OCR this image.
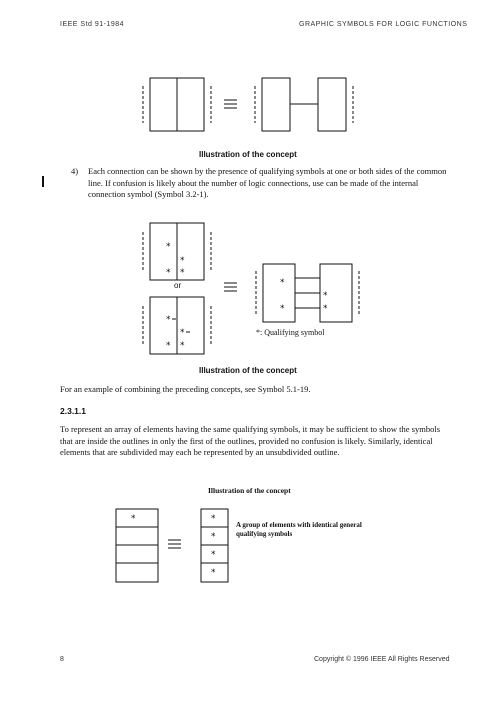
IEEE Std 91-1984	GRAPHIC SYMBOLS FOR LOGIC FUNCTIONS
*
*
* *
*
*
* *
*
*
*
*
*	*
*
*
*
Illustration of the concept
4) Each connection can be shown by the presence of qualifying symbols at one or both sides of the common line. If confusion is likely about the number of logic connections, use can be made of the internal connection symbol (Symbol 3.2-1).
or
*: Qualifying symbol
Illustration of the concept
For an example of combining the preceding concepts, see Symbol 5.1-19.
2.3.1.1
To represent an array of elements having the same qualifying symbols, it may be sufficient to show the symbols that are inside the outlines in only the first of the outlines, provided no confusion is likely. Similarly, identical elements that are subdivided may each be represented by an unsubdivided outline.
Illustration of the concept
A group of elements with identical general qualifying symbols
8	Copyright © 1996 IEEE All Rights Reserved
